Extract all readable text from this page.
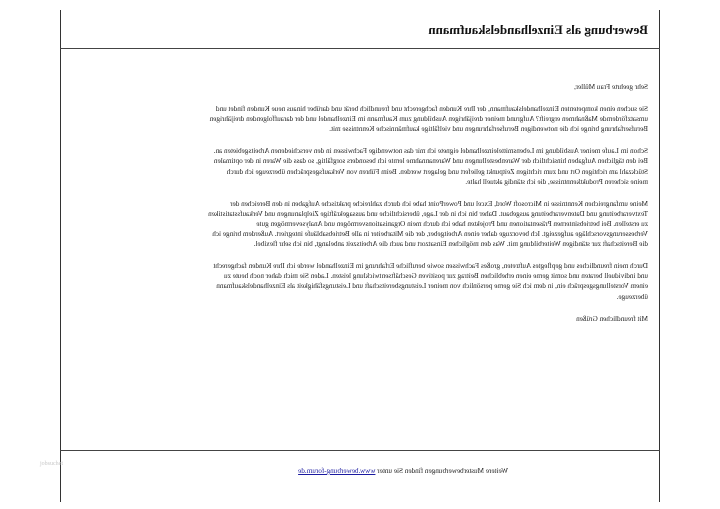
jobsuchet
Bewerbung als Einzelhandelskaufmann

Sehr geehrte Frau Müller,

Sie suchen einen kompetenten Einzelhandelskaufmann, der Ihre Kunden fachgerecht und freundlich berät und darüber hinaus neue Kunden findet und umsatzfördernde Maßnahmen ergreift? Aufgrund meiner dreijährigen Ausbildung zum Kaufmann im Einzelhandel und der darauffolgenden dreijährigen Berufserfahrung bringe ich die notwendigen Berufserfahrungen und vielfältige kaufmännische Kenntnisse mit.

Schon im Laufe meiner Ausbildung im Lebensmitteleinzelhandel eignete ich mir das notwendige Fachwissen in den verschiedenen Arbeitsgebieten an. Bei den täglichen Aufgaben hinsichtlich der Warenbestellungen und Warenannahme lernte ich besonders sorgfältig, so dass die Waren in der optimalen Stückzahl am richtigen Ort und zum richtigen Zeitpunkt geliefert und gelagert werden. Beim Führen von Verkaufsgesprächen überzeuge ich durch meine sicheren Produktkenntnisse, die ich ständig aktuell halte.

Meine umfangreichen Kenntnisse in Microsoft Word, Excel und PowerPoint habe ich durch zahlreiche praktische Aufgaben in den Bereichen der Textverarbeitung und Datenverarbeitung ausgebaut. Daher bin ich in der Lage, übersichtliche und aussagekräftige Zielplanungen und Verkaufsstatistiken zu erstellen. Bei betriebsinternen Präsentationen und Projekten habe ich durch mein Organisationsvermögen und Analysevermögen gute Verbesserungsvorschläge aufgezeigt. Ich bevorzuge daher einen Arbeitgeber, der die Mitarbeiter in alle Betriebsabläufe integriert. Außerdem bringe ich die Bereitschaft zur ständigen Weiterbildung mit. Was den möglichen Einsatzort und auch die Arbeitszeit anbelangt, bin ich sehr flexibel.

Durch mein freundliches und gepflegtes Auftreten, großes Fachwissen sowie berufliche Erfahrung im Einzelhandel werde ich Ihre Kunden fachgerecht und individuell beraten und somit gerne einen erheblichen Beitrag zur positiven Geschäftsentwicklung leisten. Laden Sie mich daher noch heute zu einem Vorstellungsgespräch ein, in dem ich Sie gerne persönlich von meiner Leistungsbereitschaft und Leistungsfähigkeit als Einzelhandelskaufmann überzeuge.

Mit freundlichen Grüßen

Weitere Musterbewerbungen finden Sie unter www.bewerbung-forum.de
